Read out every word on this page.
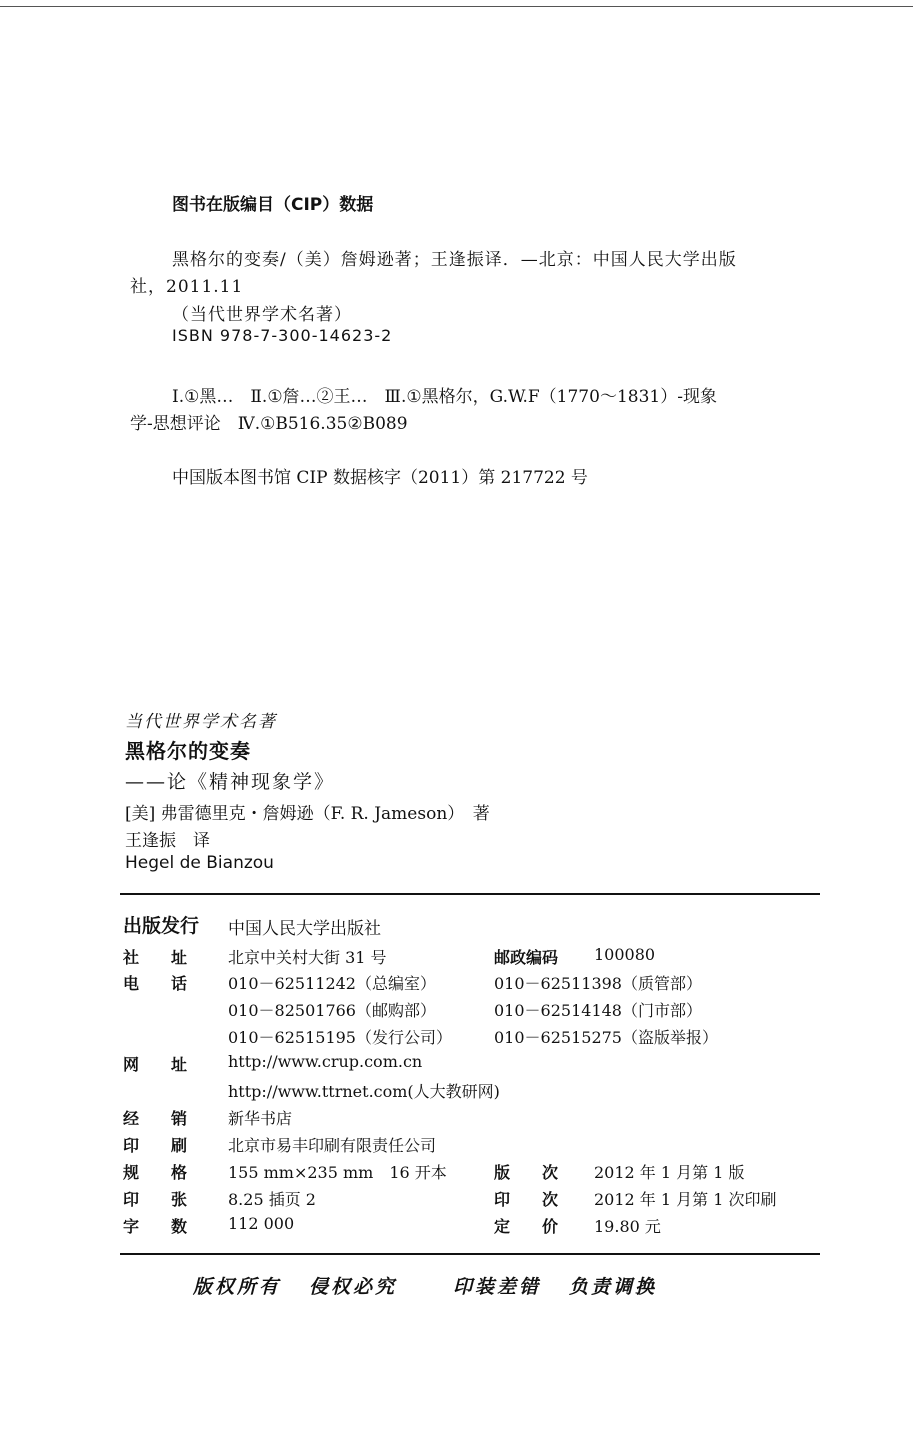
图书在版编目（CIP）数据
黑格尔的变奏/（美）詹姆逊著；王逢振译．—北京：中国人民大学出版
社，2011.11
（当代世界学术名著）
ISBN 978-7-300-14623-2
Ⅰ.①黑…　Ⅱ.①詹…②王…　Ⅲ.①黑格尔，G.W.F（1770～1831）-现象
学-思想评论　Ⅳ.①B516.35②B089
中国版本图书馆 CIP 数据核字（2011）第 217722 号
当代世界学术名著
黑格尔的变奏
——论《精神现象学》
[美] 弗雷德里克・詹姆逊（F. R. Jameson）　著
王逢振　译
Hegel de Bianzou
出版发行 中国人民大学出版社
社　　址	北京中关村大街 31 号	邮政编码 100080
电　　话	010－62511242（总编室）	010－62511398（质管部）
010－82501766（邮购部）	010－62514148（门市部）
010－62515195（发行公司）	010－62515275（盗版举报）
网　　址	http://www.crup.com.cn
http://www.ttrnet.com(人大教研网)
经　　销	新华书店
印　　刷	北京市易丰印刷有限责任公司
规　　格	155 mm×235 mm　16 开本	版　　次 2012 年 1 月第 1 版
印　　张	8.25 插页 2	印　　次 2012 年 1 月第 1 次印刷
字　　数	112 000	定　　价 19.80 元
版权所有 侵权必究	印装差错 负责调换
